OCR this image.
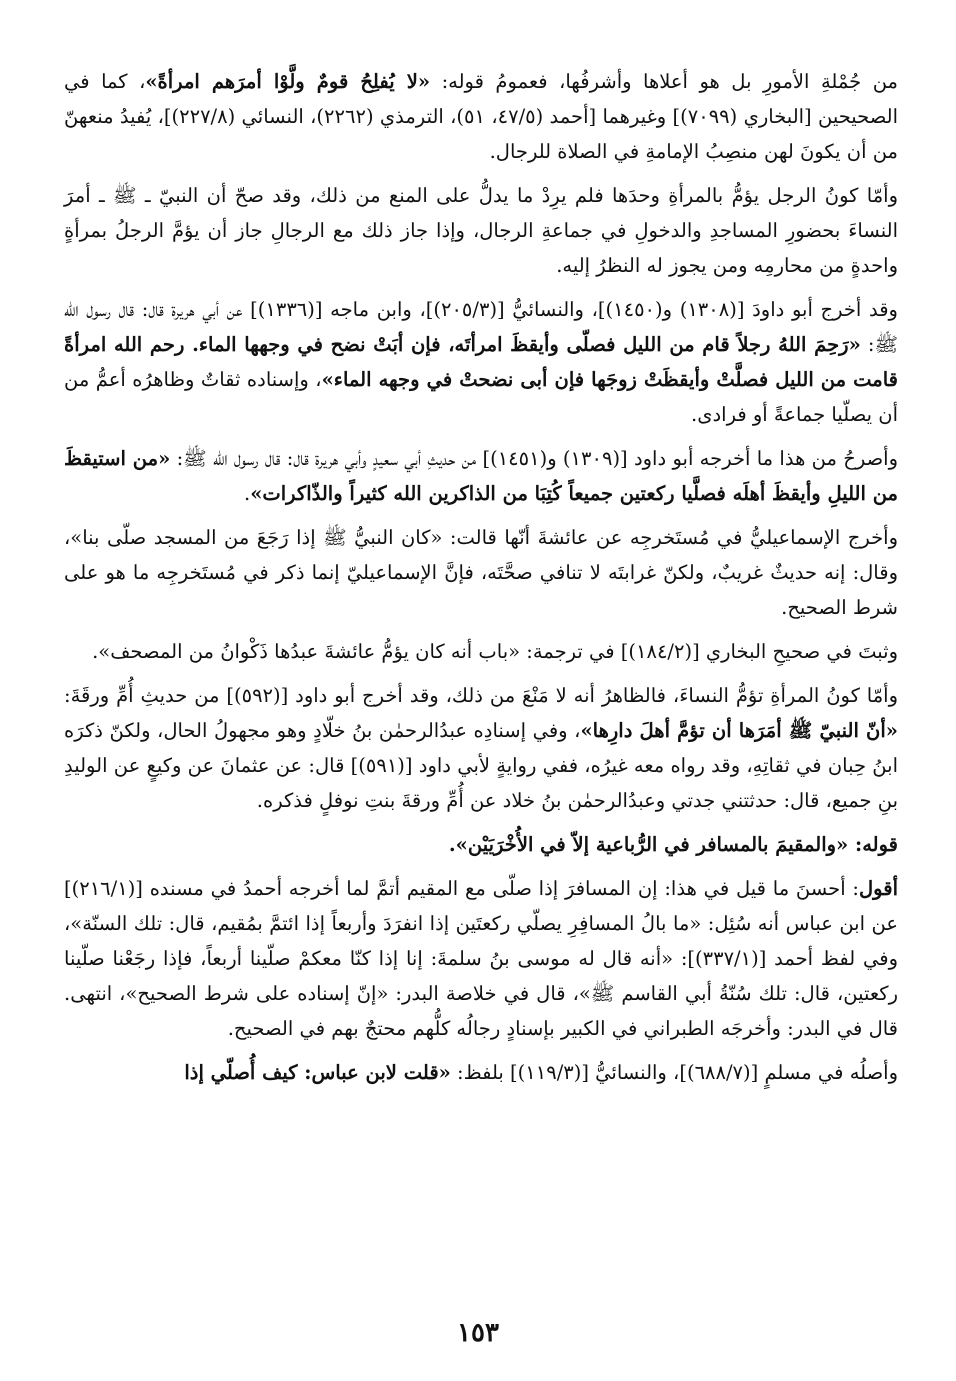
من جُمْلةِ الأمورِ بل هو أعلاها وأشرفُها، فعمومُ قوله: «لا يُفلِحُ قومٌ ولَّوْا أمرَهم امرأةً»، كما في الصحيحين [البخاري (٧٠٩٩)] وغيرهما [أحمد (٤٧/٥، ٥١)، الترمذي (٢٢٦٢)، النسائي (٢٢٧/٨)]، يُفيدُ منعهنّ من أن يكونَ لهن منصِبُ الإمامةِ في الصلاة للرجال.

وأمّا كونُ الرجل يؤمُّ بالمرأةِ وحدَها فلم يرِدْ ما يدلُّ على المنع من ذلك، وقد صحّ أن النبيّ ـ ﷺ ـ أمرَ النساءَ بحضورِ المساجدِ والدخولِ في جماعةِ الرجال، وإذا جاز ذلك مع الرجالِ جاز أن يؤمَّ الرجلُ بمرأةٍ واحدةٍ من محارمِه ومن يجوز له النظرُ إليه.

وقد أخرج أبو داودَ [(١٣٠٨) و(١٤٥٠)]، والنسائيُّ [(٢٠٥/٣)]، وابن ماجه [(١٣٣٦)] عن أبي هريرة قال: قال رسول الله ﷺ: «رَحِمَ اللهُ رجلاً قام من الليل فصلّى وأيقظَ امرأتَه، فإن أبَتْ نضح في وجهها الماء. رحم الله امرأةً قامت من الليل فصلَّتْ وأيقظَتْ زوجَها فإن أبى نضحتْ في وجهه الماء»، وإسناده ثقاتٌ وظاهرُه أعمُّ من أن يصلّيا جماعةً أو فرادى.

وأصرحُ من هذا ما أخرجه أبو داود [(١٣٠٩) و(١٤٥١)] من حديثِ أبي سعيدٍ وأبي هريرة قال: قال رسول الله ﷺ: «من استيقظَ من الليلِ وأيقظَ أهلَه فصلَّيا ركعتين جميعاً كُتِبَا من الذاكرين الله كثيراً والذّاكرات».

وأخرج الإسماعيليُّ في مُستَخرجِه عن عائشةَ أنّها قالت: «كان النبيُّ ﷺ إذا رَجَعَ من المسجد صلّى بنا»، وقال: إنه حديثٌ غريبٌ، ولكنّ غرابتَه لا تنافي صحَّتَه، فإنَّ الإسماعيليّ إنما ذكر في مُستَخرجِه ما هو على شرط الصحيح.

وثبتَ في صحيحِ البخاري [(١٨٤/٢)] في ترجمة: «باب أنه كان يؤمُّ عائشةَ عبدُها ذَكْوانُ من المصحف».

وأمّا كونُ المرأةِ تؤمُّ النساءَ، فالظاهرُ أنه لا مَنْعَ من ذلك، وقد أخرج أبو داود [(٥٩٢)] من حديثِ أُمِّ ورقَةَ: «أنّ النبيّ ﷺ أمَرَها أن تؤمَّ أهلَ دارِها»، وفي إسنادِه عبدُالرحمٰن بنُ خلّادٍ وهو مجهولُ الحال، ولكنّ ذكرَه ابنُ حِبان في ثقاتِهِ، وقد رواه معه غيرُه، ففي روايةٍ لأبي داود [(٥٩١)] قال: عن عثمانَ عن وكيعٍ عن الوليدِ بنِ جميع، قال: حدثتني جدتي وعبدُالرحمٰن بنُ خلاد عن أُمِّ ورقةَ بنتِ نوفلٍ فذكره.

قوله: «والمقيمَ بالمسافر في الرُّباعية إلاّ في الأُخْرَيَيْن».

أقول: أحسنَ ما قيل في هذا: إن المسافرَ إذا صلّى مع المقيم أتمَّ لما أخرجه أحمدُ في مسنده [(٢١٦/١)] عن ابن عباس أنه سُئِل: «ما بالُ المسافِرِ يصلّي ركعتَين إذا انفرَدَ وأربعاً إذا ائتمَّ بمُقيم، قال: تلك السنّة»، وفي لفظ أحمد [(٣٣٧/١)]: «أنه قال له موسى بنُ سلمةَ: إنا إذا كنّا معكمْ صلّينا أربعاً، فإذا رجَعْنا صلّينا ركعتين، قال: تلك سُنّةُ أبي القاسم ﷺ»، قال في خلاصة البدر: «إنّ إسناده على شرط الصحيح»، انتهى. قال في البدر: وأخرجَه الطبراني في الكبير بإسنادٍ رجالُه كلُّهم محتجٌ بهم في الصحيح.

وأصلُه في مسلمٍ [(٦٨٨/٧)]، والنسائيُّ [(١١٩/٣)] بلفظ: «قلت لابن عباس: كيف أُصلّي إذا

١٥٣
